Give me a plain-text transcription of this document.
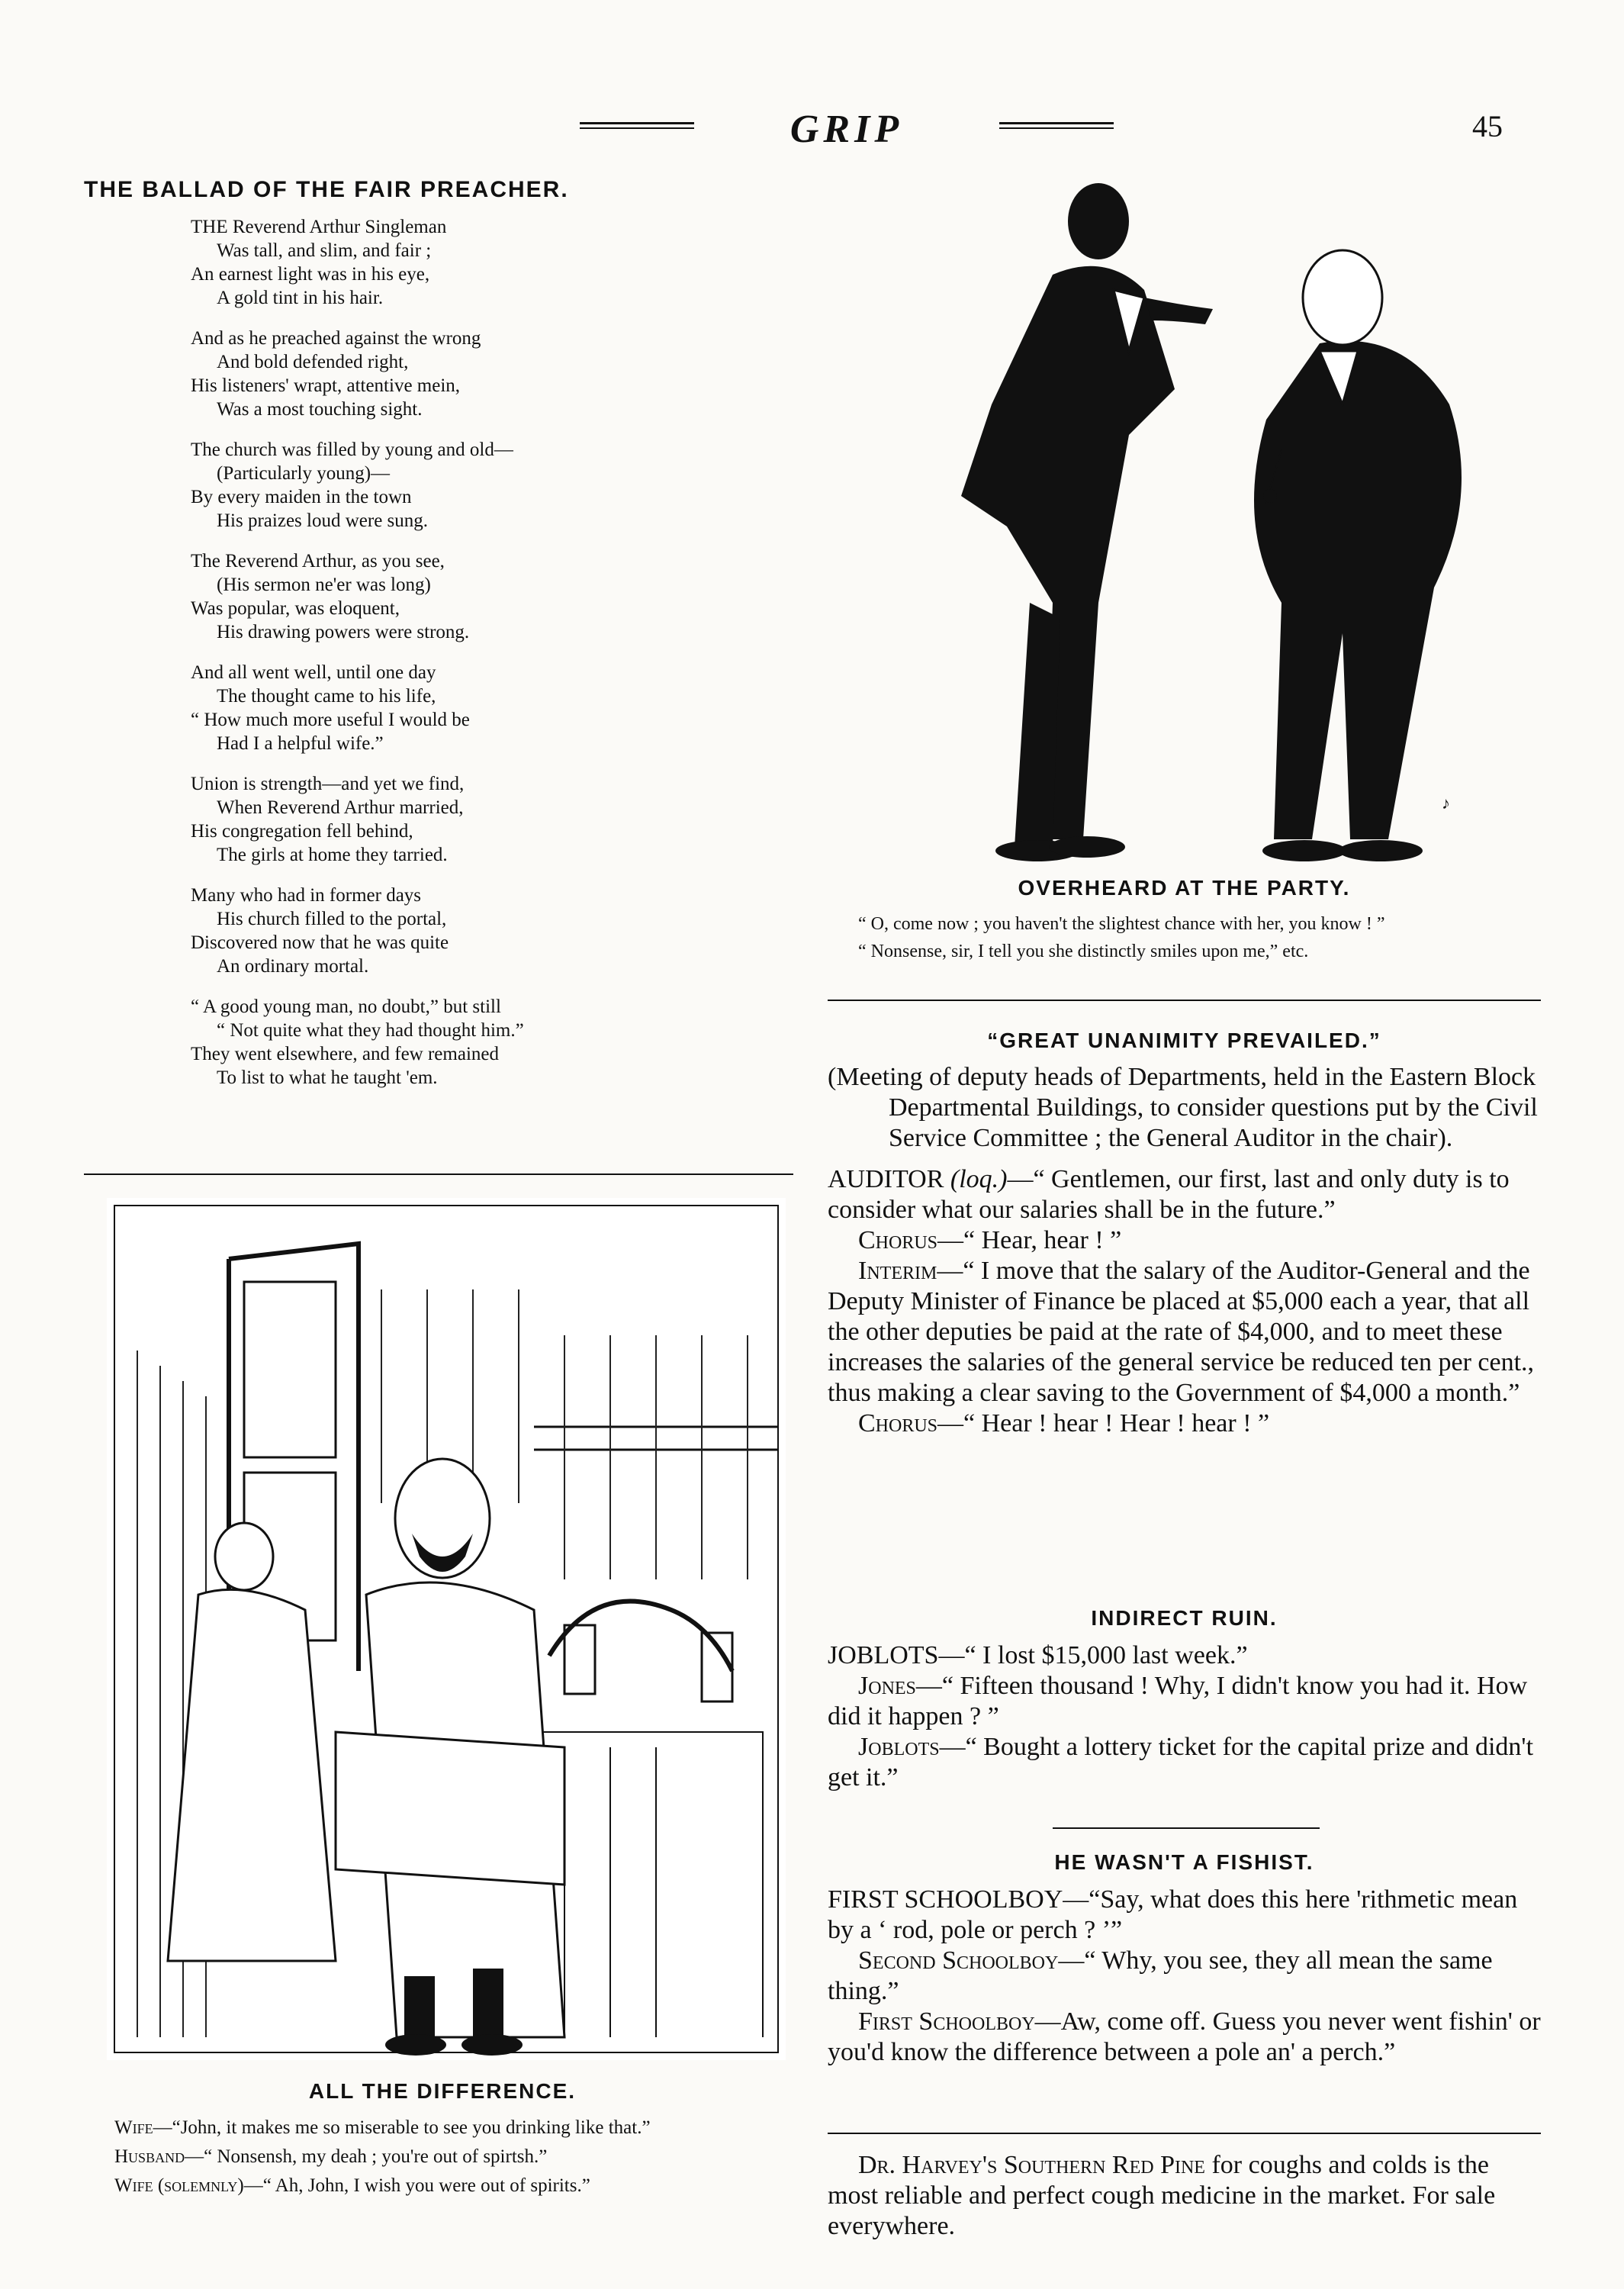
GRIP	45
THE BALLAD OF THE FAIR PREACHER.
THE Reverend Arthur Singleman
Was tall, and slim, and fair ;
An earnest light was in his eye,
A gold tint in his hair.
And as he preached against the wrong
And bold defended right,
His listeners' wrapt, attentive mein,
Was a most touching sight.
The church was filled by young and old—
(Particularly young)—
By every maiden in the town
His praizes loud were sung.
The Reverend Arthur, as you see,
(His sermon ne'er was long)
Was popular, was eloquent,
His drawing powers were strong.
And all went well, until one day
The thought came to his life,
“ How much more useful I would be
Had I a helpful wife.”
Union is strength—and yet we find,
When Reverend Arthur married,
His congregation fell behind,
The girls at home they tarried.
Many who had in former days
His church filled to the portal,
Discovered now that he was quite
An ordinary mortal.
“ A good young man, no doubt,” but still
“ Not quite what they had thought him.”
They went elsewhere, and few remained
To list to what he taught 'em.
ALL THE DIFFERENCE.

Wife—“John, it makes me so miserable to see you drinking like that.”

Husband—“ Nonsensh, my deah ; you're out of spirtsh.”

Wife (solemnly)—“ Ah, John, I wish you were out of spirits.”

♪
OVERHEARD AT THE PARTY.

“ O, come now ; you haven't the slightest chance with her, you know ! ”

“ Nonsense, sir, I tell you she distinctly smiles upon me,” etc.

“GREAT UNANIMITY PREVAILED.”

(Meeting of deputy heads of Departments, held in the Eastern Block Departmental Buildings, to consider questions put by the Civil Service Committee ; the General Auditor in the chair).

AUDITOR (loq.)—“ Gentlemen, our first, last and only duty is to consider what our salaries shall be in the future.”

Chorus—“ Hear, hear ! ”

Interim—“ I move that the salary of the Auditor-General and the Deputy Minister of Finance be placed at $5,000 each a year, that all the other deputies be paid at the rate of $4,000, and to meet these increases the salaries of the general service be reduced ten per cent., thus making a clear saving to the Government of $4,000 a month.”

Chorus—“ Hear ! hear ! Hear ! hear ! ”

INDIRECT RUIN.

JOBLOTS—“ I lost $15,000 last week.”

Jones—“ Fifteen thousand ! Why, I didn't know you had it. How did it happen ? ”

Joblots—“ Bought a lottery ticket for the capital prize and didn't get it.”

HE WASN'T A FISHIST.

FIRST SCHOOLBOY—“Say, what does this here 'rithmetic mean by a ‘ rod, pole or perch ? ’”

Second Schoolboy—“ Why, you see, they all mean the same thing.”

First Schoolboy—Aw, come off. Guess you never went fishin' or you'd know the difference between a pole an' a perch.”

Dr. Harvey's Southern Red Pine for coughs and colds is the most reliable and perfect cough medicine in the market. For sale everywhere.
